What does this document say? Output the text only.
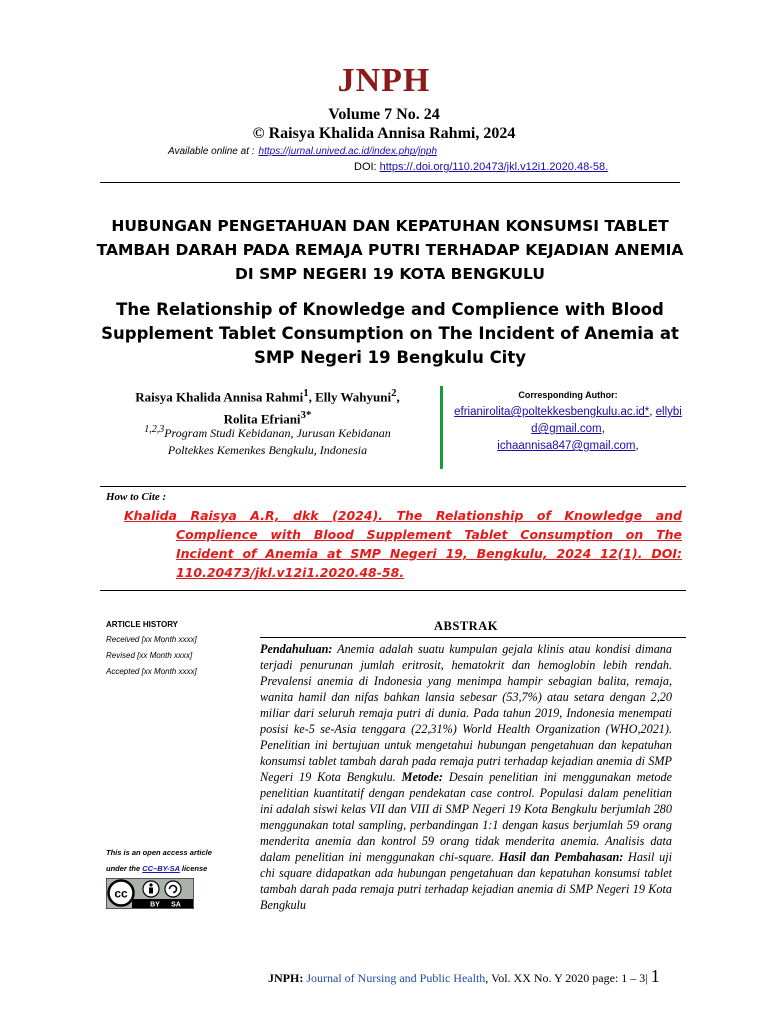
JNPH
Volume 7 No. 24
© Raisya Khalida Annisa Rahmi, 2024
Available online at : https://jurnal.unived.ac.id/index.php/jnph
DOI: https://.doi.org/110.20473/jkl.v12i1.2020.48-58.
HUBUNGAN PENGETAHUAN DAN KEPATUHAN KONSUMSI TABLET TAMBAH DARAH PADA REMAJA PUTRI TERHADAP KEJADIAN ANEMIA DI SMP NEGERI 19 KOTA BENGKULU
The Relationship of Knowledge and Complience with Blood Supplement Tablet Consumption on The Incident of Anemia at SMP Negeri 19 Bengkulu City
Raisya Khalida Annisa Rahmi$^1$, Elly Wahyuni$^2$,
Rolita Efriani$^{3*}$
$^{1,2,3}$Program Studi Kebidanan, Jurusan Kebidanan
Poltekkes Kemenkes Bengkulu, Indonesia
Corresponding Author:
efrianirolita@poltekkesbengkulu.ac.id*, ellybid@gmail.com,
ichaannisa847@gmail.com,
How to Cite :
Khalida Raisya A.R, dkk (2024). The Relationship of Knowledge and Complience with Blood Supplement Tablet Consumption on The Incident of Anemia at SMP Negeri 19, Bengkulu, 2024 12(1). DOI: 110.20473/jkl.v12i1.2020.48-58.
ARTICLE HISTORY
Received [xx Month xxxx]
Revised [xx Month xxxx]
Accepted [xx Month xxxx]
This is an open access article
under the CC–BY-SA license
cc
BY SA
ABSTRAK
Pendahuluan: Anemia adalah suatu kumpulan gejala klinis atau kondisi dimana terjadi penurunan jumlah eritrosit, hematokrit dan hemoglobin lebih rendah. Prevalensi anemia di Indonesia yang menimpa hampir sebagian balita, remaja, wanita hamil dan nifas bahkan lansia sebesar (53,7%) atau setara dengan 2,20 miliar dari seluruh remaja putri di dunia. Pada tahun 2019, Indonesia menempati posisi ke-5 se-Asia tenggara (22,31%) World Health Organization (WHO,2021). Penelitian ini bertujuan untuk mengetahui hubungan pengetahuan dan kepatuhan konsumsi tablet tambah darah pada remaja putri terhadap kejadian anemia di SMP Negeri 19 Kota Bengkulu. Metode: Desain penelitian ini menggunakan metode penelitian kuantitatif dengan pendekatan case control. Populasi dalam penelitian ini adalah siswi kelas VII dan VIII di SMP Negeri 19 Kota Bengkulu berjumlah 280 menggunakan total sampling, perbandingan 1:1 dengan kasus berjumlah 59 orang menderita anemia dan kontrol 59 orang tidak menderita anemia. Analisis data dalam penelitian ini menggunakan chi-square. Hasil dan Pembahasan: Hasil uji chi square didapatkan ada hubungan pengetahuan dan kepatuhan konsumsi tablet tambah darah pada remaja putri terhadap kejadian anemia di SMP Negeri 19 Kota Bengkulu
JNPH: Journal of Nursing and Public Health, Vol. XX No. Y 2020 page: 1 – 3| 1
